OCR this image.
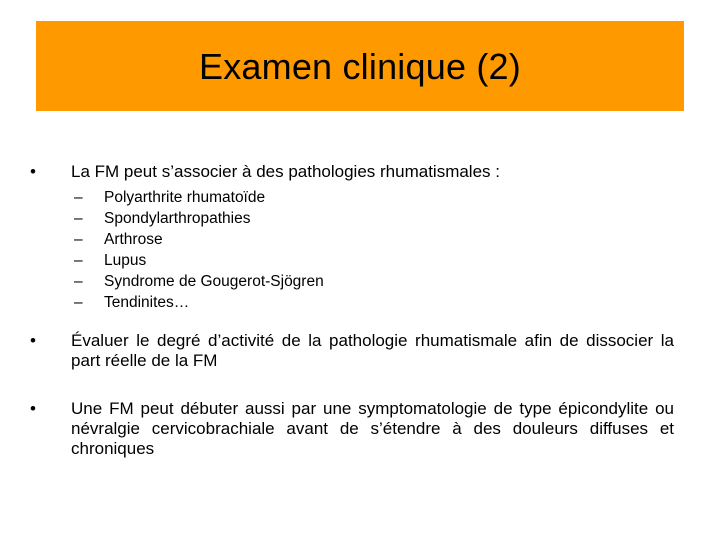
Examen clinique (2)
•	La FM peut s’associer à des pathologies rhumatismales :
– Polyarthrite rhumatoïde
– Spondylarthropathies
– Arthrose
– Lupus
– Syndrome de Gougerot-Sjögren
– Tendinites…
•	Évaluer le degré d’activité de la pathologie rhumatismale afin de dissocier la part réelle de la FM
•	Une FM peut débuter aussi par une symptomatologie de type épicondylite ou névralgie cervicobrachiale avant de s’étendre à des douleurs diffuses et chroniques
